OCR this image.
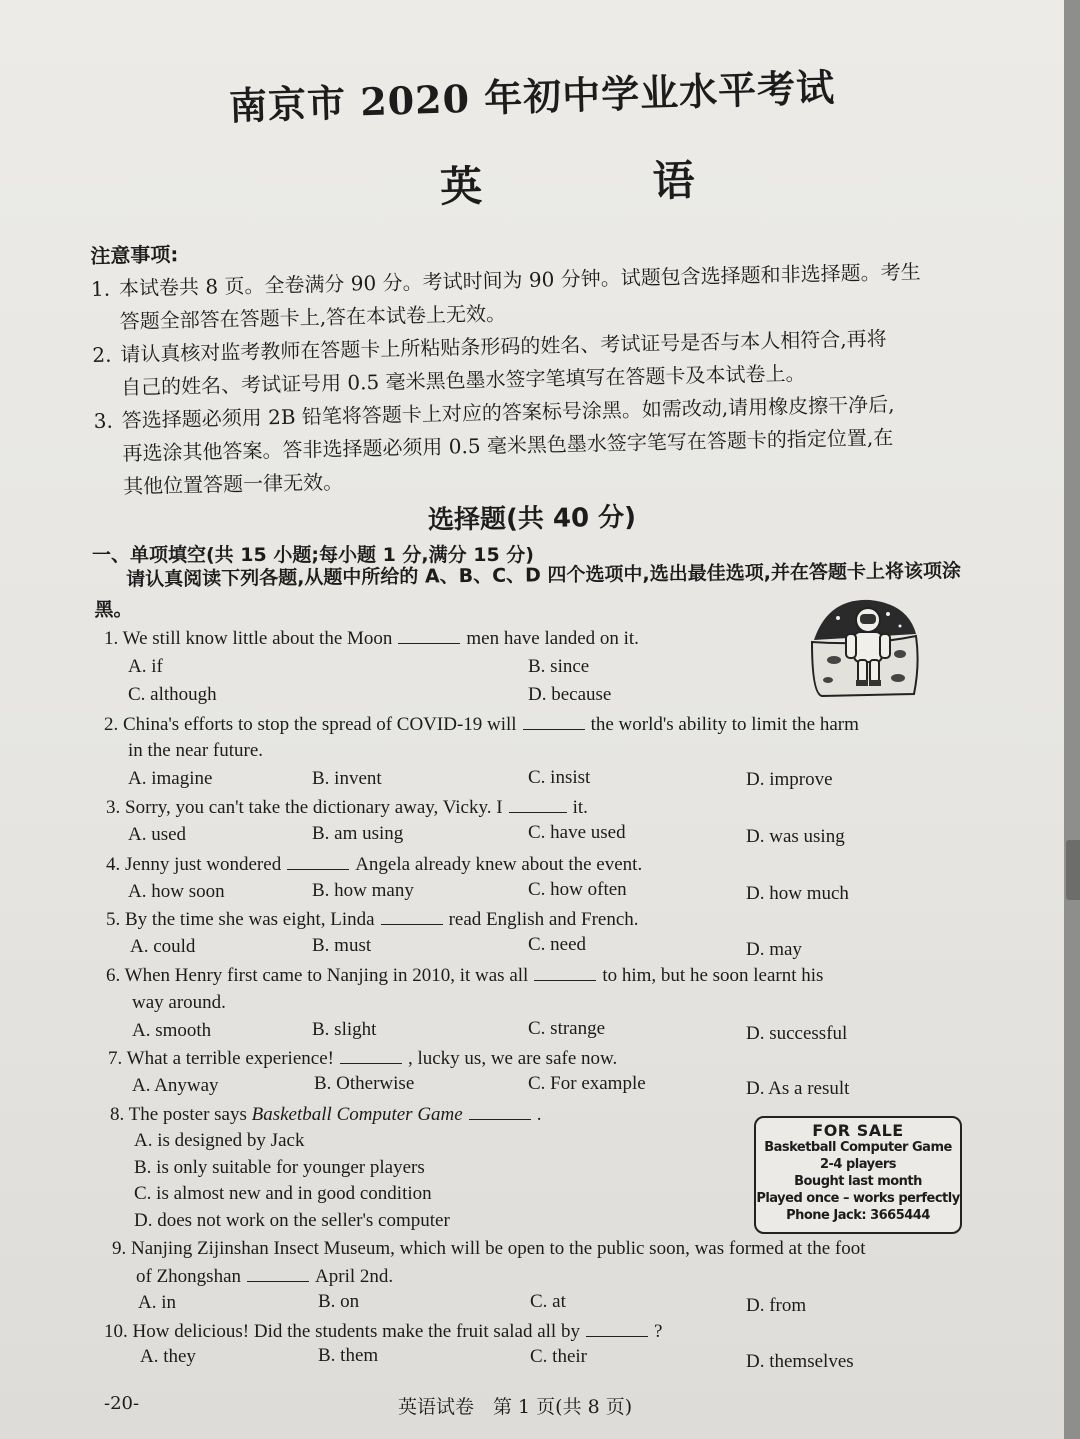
南京市 2020 年初中学业水平考试
英 语
注意事项:
1. 本试卷共 8 页。全卷满分 90 分。考试时间为 90 分钟。试题包含选择题和非选择题。考生
答题全部答在答题卡上,答在本试卷上无效。
2. 请认真核对监考教师在答题卡上所粘贴条形码的姓名、考试证号是否与本人相符合,再将
自己的姓名、考试证号用 0.5 毫米黑色墨水签字笔填写在答题卡及本试卷上。
3. 答选择题必须用 2B 铅笔将答题卡上对应的答案标号涂黑。如需改动,请用橡皮擦干净后,
再选涂其他答案。答非选择题必须用 0.5 毫米黑色墨水签字笔写在答题卡的指定位置,在
其他位置答题一律无效。
选择题(共 40 分)
一、单项填空(共 15 小题;每小题 1 分,满分 15 分)
请认真阅读下列各题,从题中所给的 A、B、C、D 四个选项中,选出最佳选项,并在答题卡上将该项涂黑。
1. We still know little about the Moon	men have landed on it.
A. if	B. since
C. although	D. because
2. China's efforts to stop the spread of COVID-19 will	the world's ability to limit the harm
in the near future.
A. imagine	B. invent	C. insist	D. improve
3. Sorry, you can't take the dictionary away, Vicky. I	it.
A. used	B. am using	C. have used	D. was using
4. Jenny just wondered	Angela already knew about the event.
A. how soon	B. how many	C. how often	D. how much
5. By the time she was eight, Linda	read English and French.
A. could	B. must	C. need	D. may
6. When Henry first came to Nanjing in 2010, it was all	to him, but he soon learnt his
way around.
A. smooth	B. slight	C. strange	D. successful
7. What a terrible experience!	, lucky us, we are safe now.
A. Anyway	B. Otherwise	C. For example	D. As a result
8. The poster says Basketball Computer Game	.
A. is designed by Jack
B. is only suitable for younger players
C. is almost new and in good condition
D. does not work on the seller's computer
FOR SALE
Basketball Computer Game
2-4 players
Bought last month
Played once – works perfectly
Phone Jack: 3665444
9. Nanjing Zijinshan Insect Museum, which will be open to the public soon, was formed at the foot
of Zhongshan	April 2nd.
A. in	B. on	C. at	D. from
10. How delicious! Did the students make the fruit salad all by	?
A. they	B. them	C. their	D. themselves
-20-	英语试卷　第 1 页(共 8 页)
